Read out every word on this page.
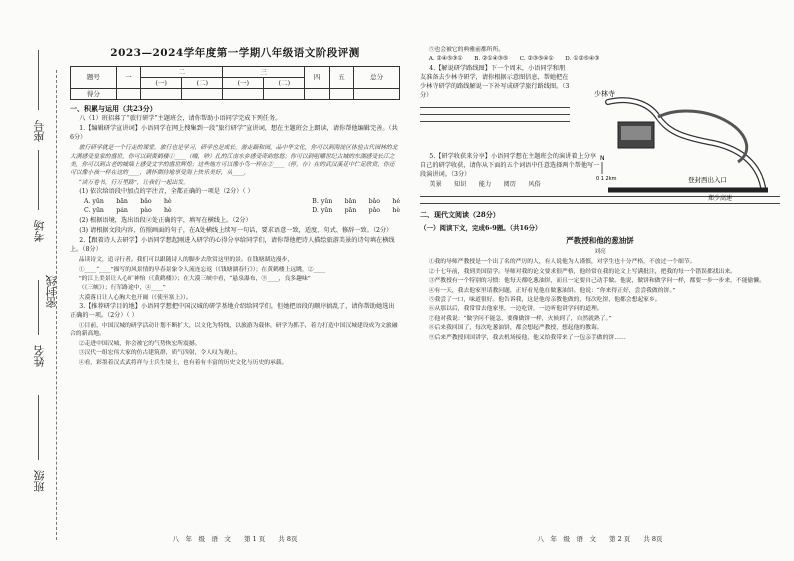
座号
考场
密封线
姓名
班级
2023—2024学年度第一学期八年级语文阶段评测
题号	一	二		三		四	五	总分
		(一)	(二)	(一)	(二)			
得分								
一、积累与运用（共23分）
八（1）班招募了“旅行研学”主题班会，请你帮助小语同学完成下列任务。
1.【编辑研学宣讲词】小语同学在网上搜集到一段“旅行研学”宣讲词，想在主题班会上朗读，请你帮他编辑完善。（共6分）
旅行研学就是一个行走的课堂。旅行也是学习，研学也是成长。游走颐和园，品中华文化，你可以到海淀区体验古代园林的北大满感受皇家的盛世，你可以到黄鹤楼①____（嗨，唦）扎的江南水乡感受奇韵悠悠；你可以到咀嚼世纪古城的东湖感受长江之美，你可以到古老的城墙上感受文字的盛世辉煌；这些地方可以像小鸟一样在②____（停，存）在的武汉溪花中伫足欣赏，你还可以像小孩一样在这的____，满怀期待地享受海上快乐美好，从____,
“读万卷书，行万里路”，让我们一起出发。
(1) 依次给语段中加点的字注音，全都正确的一项是（2分）（ ）
A. yūn　　bān　　bǎo　　hè	B. yūn　　bān　　bǎo　　hé
C. yūn　　pán　　pào　　hè	D. yūn　　pān　　pǎo　　hè
(2) 根据语境，选出语段②处正确的字，填写在横线上。（2分）
(3) 请根据文段内容，仿照画面的句子，在A处横线上续写一句话，要求语意一致，适度、句式、修辞一致。（2分）
2.【跟着诗人去研学】小语同学想起刚进入研学的心得分享给同学们，请你帮他把诗人描绘旅游美景的诗句填在横线上。（8分）
品读诗文，追寻行者。我们可以跟随诗人的脚步去欣赏这里的景。在钱塘湖边漫步，
①____“____”描写的风景情的早春景象令人流连忘返（《钱塘湖春行》）；在黄鹤楼上远眺，②____
”的江上美景让人心旷神怡（《黄鹤楼》）；在大漠三峡中看，“悬泉瀑布，③____，良多趣味”
（《三峡》）；行军路途中，④____”
大漠落日让人心胸大也开阔（《使至塞上》）。
3.【推荐研学目的地】小语同学想把中国汉城的研学基地介绍给同学们，但她把语段的顺序搞乱了，请你帮助她选出正确的一项。（2分）（ ）
①目前，中国汉城的研学活动计划不断扩大，以文化为特线，以旅游为载体，研学为抓手，着力打造中国汉城建设成为文旅融合的新高地。
②走进中国汉城，你会被它的气势恢宏所震撼。
③汉代一组宏伟大家的仿古建筑群，质气四射，令人叹为观止。
④看，彩墨着汉式武将祥与士兵生境士，也有着有丰富的历史文化与历史的承载。
八　年　级　语　文　　第 1 页　　共 8页
⑤也会被它的典雅前都所所。
A. ②④⑤③①　　B. ②①④③⑤　　C. ②③⑤④①　　D. ①②⑤④③
4.【解说研学路线图】下一个周末，小语同学和朋友准备去少林寺研学，请你根据示意图信息，帮她把在少林寺研学的路线解说一下补写成研学旅行路线图。（3分）
郑少高速
少林寺
登封西出入口
0 1 2km
N
5.【研学收获来分享】小语同学想在主题班会的演讲着上分享自己的研学收获，请你从下面的五个词语中任意选择两个帮他写一段演讲词。（3分）
美景　　知识　　能力　　阅历　　风俗
二、现代文阅读（28分）
（一）阅读下文，完成6-9题。（共16分）
严教授和他的葱油饼
刘亮
①我的导师严教授是一个出了名的严厉的人，有人说他为人谨慎，对学生也十分严格，不放过一个细节。
②十七年前，我到美国留学。导师对我的论文要求很严格，他经常在我的论文上写满批注，把我的每一个错误都找出来。
③严教授有一个特别的习惯：他每天都吃葱油饼，而且一定要自己动手做。他说，做饼和做学问一样，都要一步一步来，不能偷懒。
④有一天，我去他家里请教问题，正好看见他在做葱油饼。他说：“你来得正好，尝尝我做的饼。”
⑤我尝了一口，味道很好。他告诉我，这是他母亲教他做的，每次吃饼，他都会想起家乡。
⑥从那以后，我常常去他家里，一边吃饼，一边听他讲学问的道理。
⑦他对我说：“做学问不能急，要像做饼一样，火候到了，自然就熟了。”
⑧后来我回国了，每次吃葱油饼，都会想起严教授，想起他的教诲。
⑨后来严教授回国讲学，我去机场接他，他又给我带来了一包亲手做的饼……
八　年　级　语　文　　第 2 页　　共 8页
